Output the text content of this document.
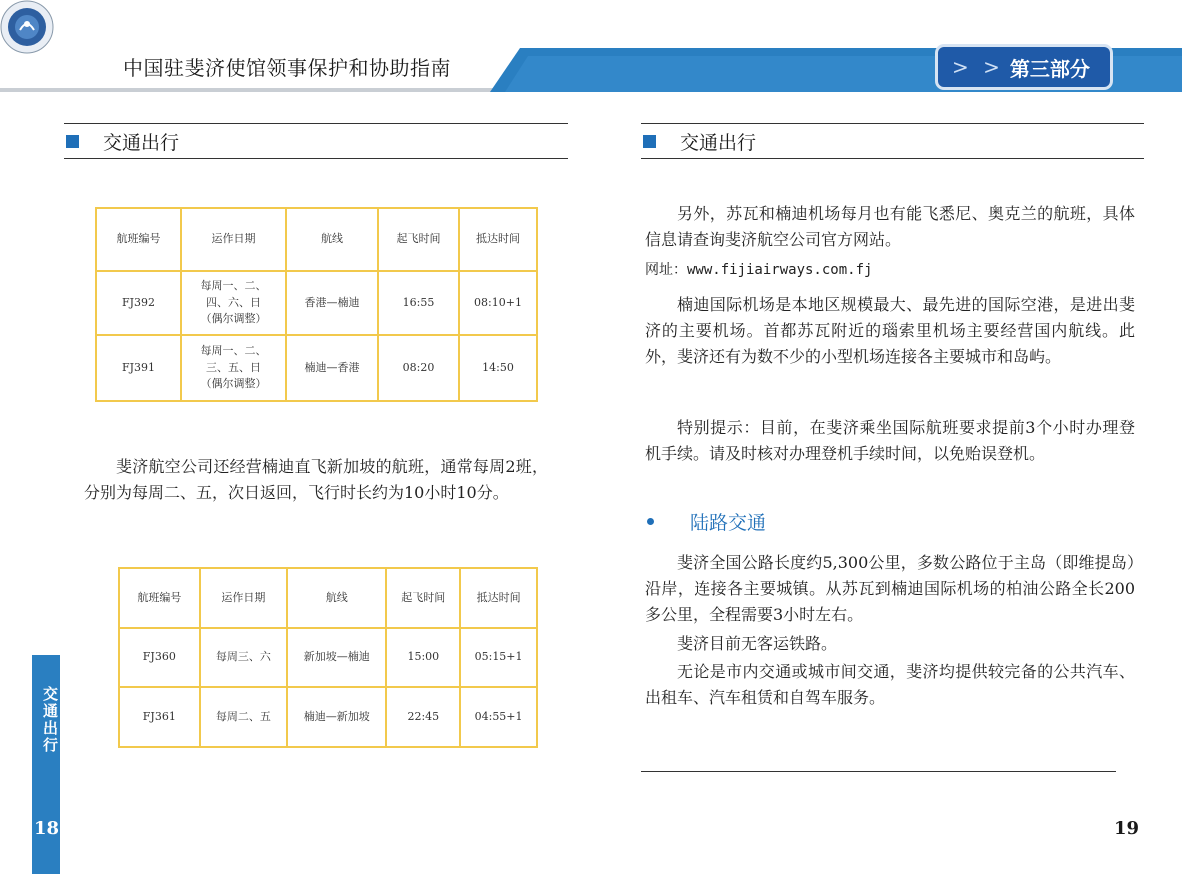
中国驻斐济使馆领事保护和协助指南	> > 第三部分
交通出行
航班编号	运作日期	航线	起飞时间	抵达时间
FJ392	每周一、二、
四、六、日
（偶尔调整）	香港—楠迪	16:55	08:10+1
FJ391	每周一、二、
三、五、日
（偶尔调整）	楠迪—香港	08:20	14:50

斐济航空公司还经营楠迪直飞新加坡的航班，通常每周2班，分别为每周二、五，次日返回，飞行时长约为10小时10分。

航班编号	运作日期	航线	起飞时间	抵达时间
FJ360	每周三、六	新加坡—楠迪	15:00	05:15+1
FJ361	每周二、五	楠迪—新加坡	22:45	04:55+1
交通出行
18
交通出行

另外，苏瓦和楠迪机场每月也有能飞悉尼、奥克兰的航班，具体信息请查询斐济航空公司官方网站。

网址：www.fijiairways.com.fj

楠迪国际机场是本地区规模最大、最先进的国际空港，是进出斐济的主要机场。首都苏瓦附近的瑙索里机场主要经营国内航线。此外，斐济还有为数不少的小型机场连接各主要城市和岛屿。

特别提示：目前，在斐济乘坐国际航班要求提前3个小时办理登机手续。请及时核对办理登机手续时间，以免贻误登机。

陆路交通

斐济全国公路长度约5,300公里，多数公路位于主岛（即维提岛）沿岸，连接各主要城镇。从苏瓦到楠迪国际机场的柏油公路全长200多公里，全程需要3小时左右。

斐济目前无客运铁路。

无论是市内交通或城市间交通，斐济均提供较完备的公共汽车、出租车、汽车租赁和自驾车服务。

19
